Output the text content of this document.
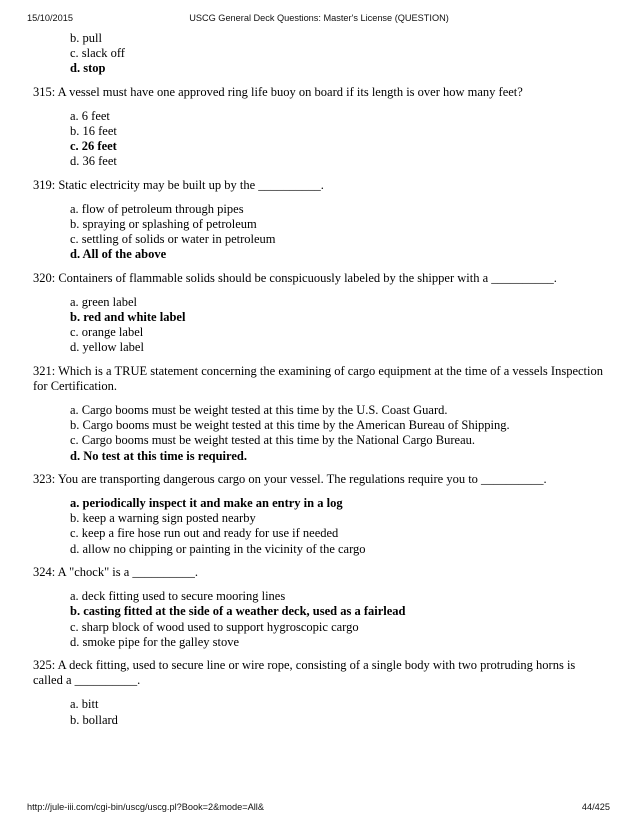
15/10/2015	USCG General Deck Questions: Master's License (QUESTION)
b. pull
c. slack off
d. stop
315: A vessel must have one approved ring life buoy on board if its length is over how many feet?
a. 6 feet
b. 16 feet
c. 26 feet
d. 36 feet
319: Static electricity may be built up by the __________.
a. flow of petroleum through pipes
b. spraying or splashing of petroleum
c. settling of solids or water in petroleum
d. All of the above
320: Containers of flammable solids should be conspicuously labeled by the shipper with a __________.
a. green label
b. red and white label
c. orange label
d. yellow label
321: Which is a TRUE statement concerning the examining of cargo equipment at the time of a vessels Inspection for Certification.
a. Cargo booms must be weight tested at this time by the U.S. Coast Guard.
b. Cargo booms must be weight tested at this time by the American Bureau of Shipping.
c. Cargo booms must be weight tested at this time by the National Cargo Bureau.
d. No test at this time is required.
323: You are transporting dangerous cargo on your vessel. The regulations require you to __________.
a. periodically inspect it and make an entry in a log
b. keep a warning sign posted nearby
c. keep a fire hose run out and ready for use if needed
d. allow no chipping or painting in the vicinity of the cargo
324: A "chock" is a __________.
a. deck fitting used to secure mooring lines
b. casting fitted at the side of a weather deck, used as a fairlead
c. sharp block of wood used to support hygroscopic cargo
d. smoke pipe for the galley stove
325: A deck fitting, used to secure line or wire rope, consisting of a single body with two protruding horns is called a __________.
a. bitt
b. bollard
http://jule-iii.com/cgi-bin/uscg/uscg.pl?Book=2&mode=All&	44/425
